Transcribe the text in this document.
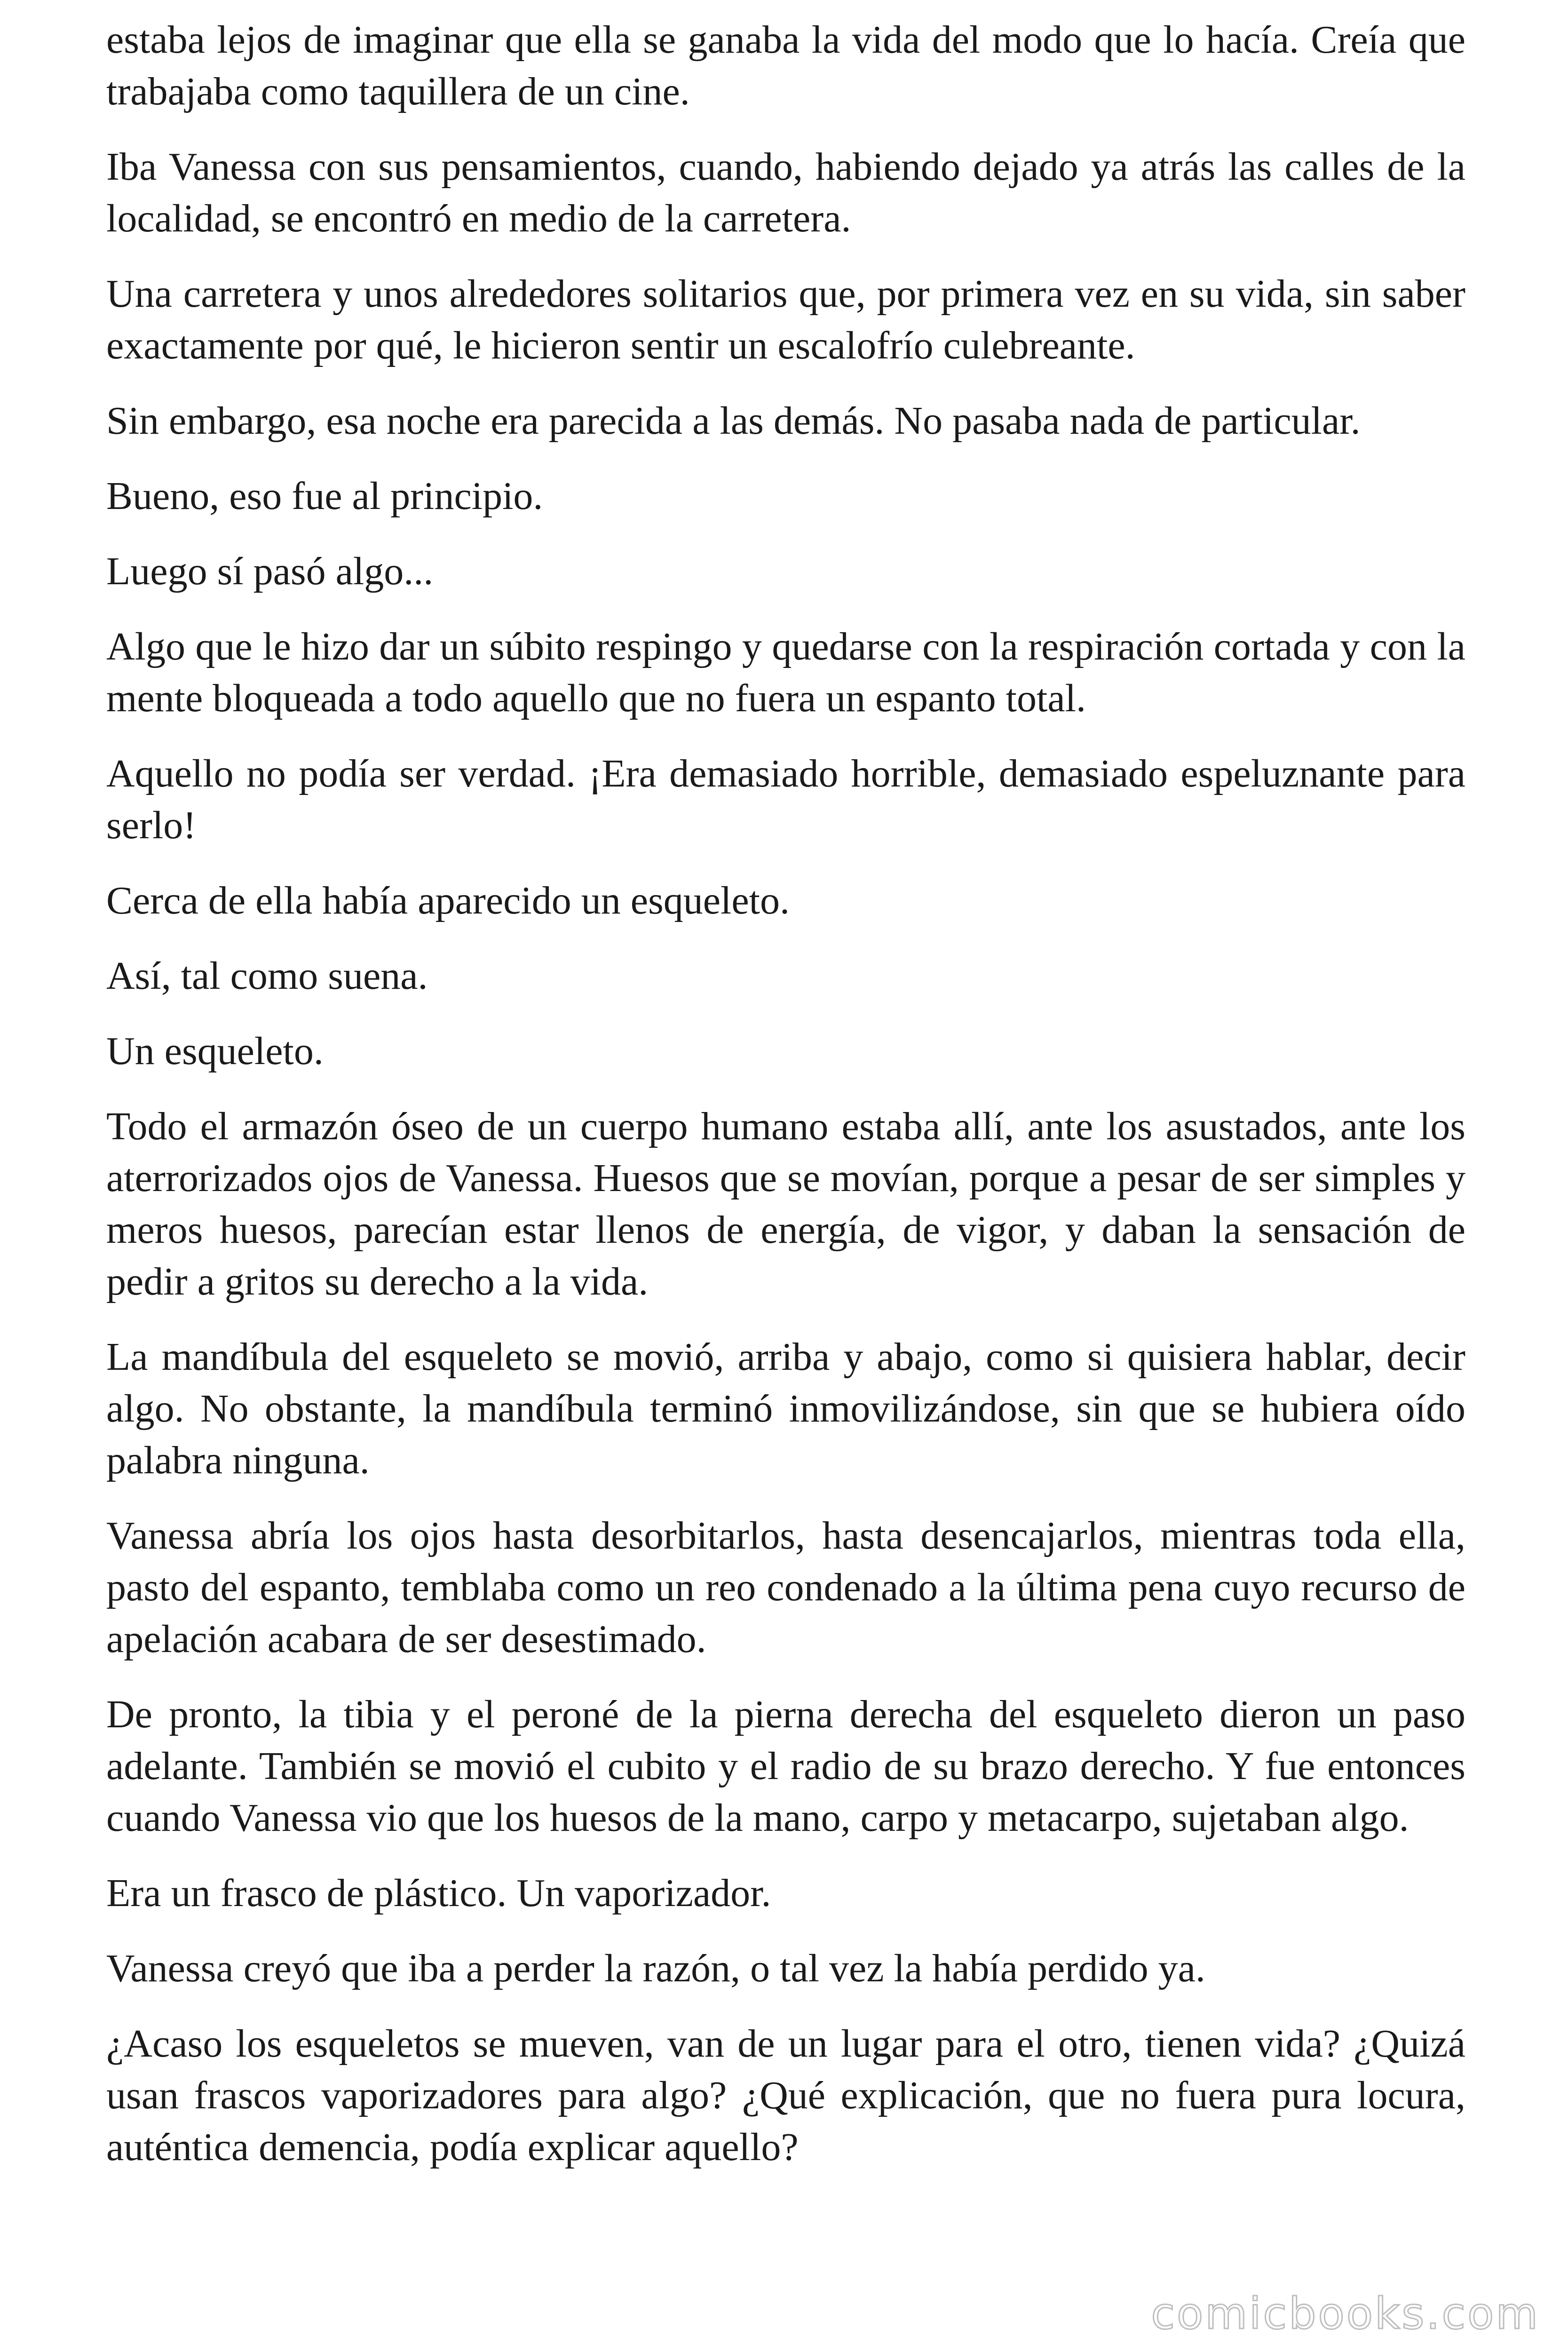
estaba lejos de imaginar que ella se ganaba la vida del modo que lo hacía. Creía que trabajaba como taquillera de un cine.

Iba Vanessa con sus pensamientos, cuando, habiendo dejado ya atrás las calles de la localidad, se encontró en medio de la carretera.

Una carretera y unos alrededores solitarios que, por primera vez en su vida, sin saber exactamente por qué, le hicieron sentir un escalofrío culebreante.

Sin embargo, esa noche era parecida a las demás. No pasaba nada de particular.

Bueno, eso fue al principio.

Luego sí pasó algo...

Algo que le hizo dar un súbito respingo y quedarse con la respiración cortada y con la mente bloqueada a todo aquello que no fuera un espanto total.

Aquello no podía ser verdad. ¡Era demasiado horrible, demasiado espeluznante para serlo!

Cerca de ella había aparecido un esqueleto.

Así, tal como suena.

Un esqueleto.

Todo el armazón óseo de un cuerpo humano estaba allí, ante los asustados, ante los aterrorizados ojos de Vanessa. Huesos que se movían, porque a pesar de ser simples y meros huesos, parecían estar llenos de energía, de vigor, y daban la sensación de pedir a gritos su derecho a la vida.

La mandíbula del esqueleto se movió, arriba y abajo, como si quisiera hablar, decir algo. No obstante, la mandíbula terminó inmovilizándose, sin que se hubiera oído palabra ninguna.

Vanessa abría los ojos hasta desorbitarlos, hasta desencajarlos, mientras toda ella, pasto del espanto, temblaba como un reo condenado a la última pena cuyo recurso de apelación acabara de ser desestimado.

De pronto, la tibia y el peroné de la pierna derecha del esqueleto dieron un paso adelante. También se movió el cubito y el radio de su brazo derecho. Y fue entonces cuando Vanessa vio que los huesos de la mano, carpo y metacarpo, sujetaban algo.

Era un frasco de plástico. Un vaporizador.

Vanessa creyó que iba a perder la razón, o tal vez la había perdido ya.

¿Acaso los esqueletos se mueven, van de un lugar para el otro, tienen vida? ¿Quizá usan frascos vaporizadores para algo? ¿Qué explicación, que no fuera pura locura, auténtica demencia, podía explicar aquello?

comicbooks.com
